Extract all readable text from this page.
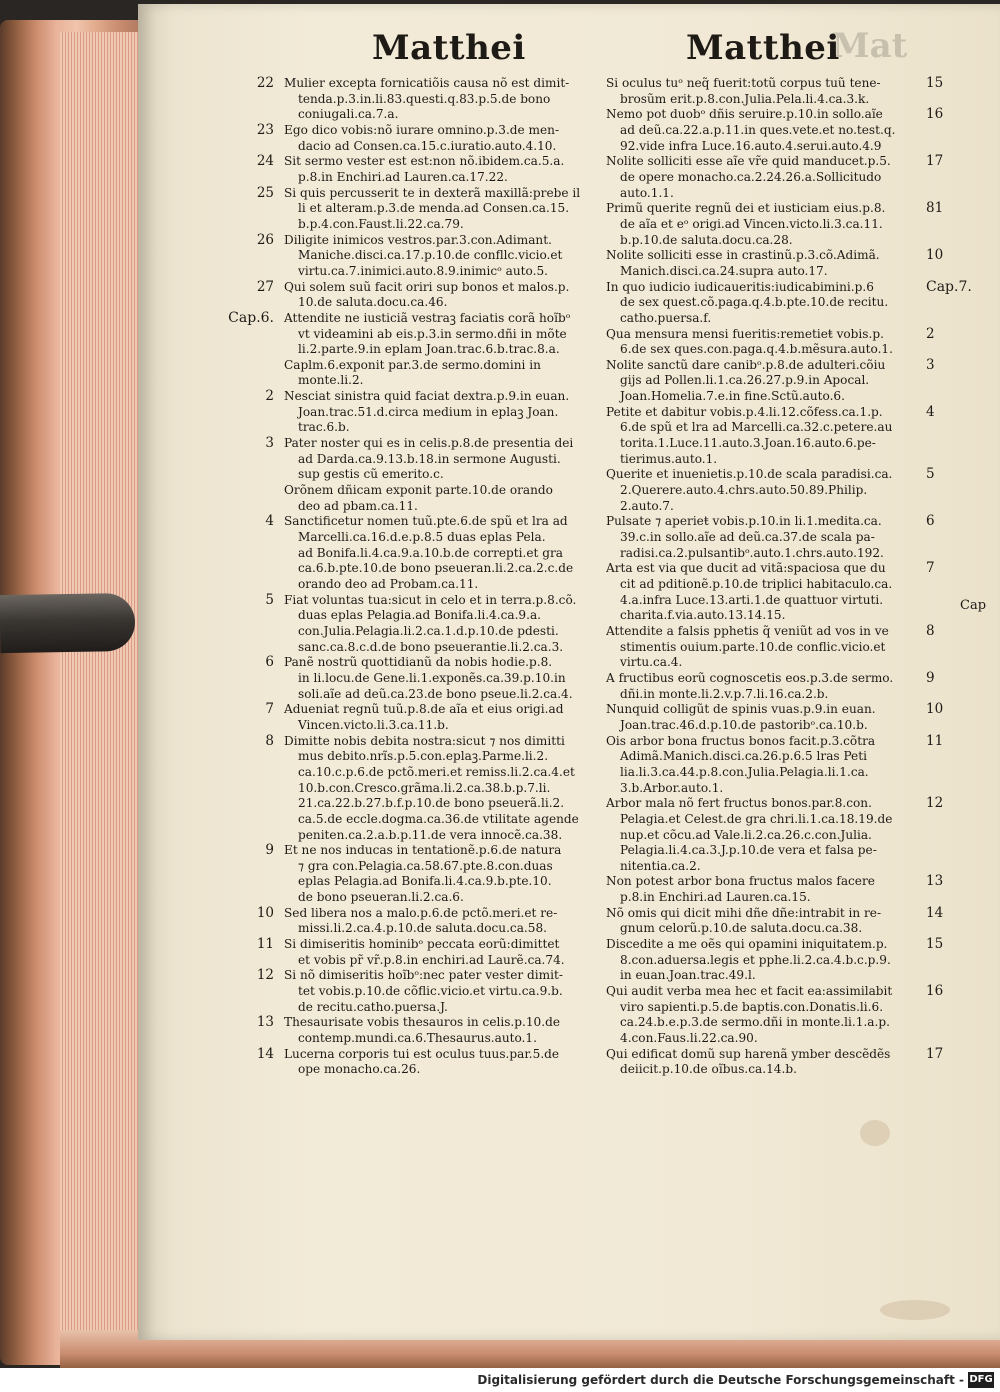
Matthei	Matthei
Mat
22 Mulier excepta fornicatiõis causa nõ est dimit-
tenda.p.3.in.li.83.questi.q.83.p.5.de bono
coniugali.ca.7.a.
23 Ego dico vobis:nõ iurare omnino.p.3.de men-
dacio ad Consen.ca.15.c.iuratio.auto.4.10.
24 Sit sermo vester est est:non nõ.ibidem.ca.5.a.
p.8.in Enchiri.ad Lauren.ca.17.22.
25 Si quis percusserit te in dexterã maxillã:prebe il
li et alteram.p.3.de menda.ad Consen.ca.15.
b.p.4.con.Faust.li.22.ca.79.
26 Diligite inimicos vestros.par.3.con.Adimant.
Maniche.disci.ca.17.p.10.de confllc.vicio.et
virtu.ca.7.inimici.auto.8.9.inimicᵒ auto.5.
27 Qui solem suũ facit oriri sup bonos et malos.p.
10.de saluta.docu.ca.46.
Cap.6. Attendite ne iusticiã vestraꝫ faciatis corã hoĩbᵒ
vt videamini ab eis.p.3.in sermo.dñi in mõte
li.2.parte.9.in eplam Joan.trac.6.b.trac.8.a.
Caplm.6.exponit par.3.de sermo.domini in
monte.li.2.
2 Nesciat sinistra quid faciat dextra.p.9.in euan.
Joan.trac.51.d.circa medium in eplaꝫ Joan.
trac.6.b.
3 Pater noster qui es in celis.p.8.de presentia dei
ad Darda.ca.9.13.b.18.in sermone Augusti.
sup gestis cũ emerito.c.
Orõnem dñicam exponit parte.10.de orando
deo ad pbam.ca.11.
4 Sanctificetur nomen tuũ.pte.6.de spũ et lra ad
Marcelli.ca.16.d.e.p.8.5 duas eplas Pela.
ad Bonifa.li.4.ca.9.a.10.b.de correpti.et gra
ca.6.b.pte.10.de bono pseueran.li.2.ca.2.c.de
orando deo ad Probam.ca.11.
5 Fiat voluntas tua:sicut in celo et in terra.p.8.cõ.
duas eplas Pelagia.ad Bonifa.li.4.ca.9.a.
con.Julia.Pelagia.li.2.ca.1.d.p.10.de pdesti.
sanc.ca.8.c.d.de bono pseuerantie.li.2.ca.3.
6 Panẽ nostrũ quottidianũ da nobis hodie.p.8.
in li.locu.de Gene.li.1.exponẽs.ca.39.p.10.in
soli.aĩe ad deũ.ca.23.de bono pseue.li.2.ca.4.
7 Adueniat regnũ tuũ.p.8.de aĩa et eius origi.ad
Vincen.victo.li.3.ca.11.b.
8 Dimitte nobis debita nostra:sicut ⁊ nos dimitti
mus debito.nrĩs.p.5.con.eplaꝫ.Parme.li.2.
ca.10.c.p.6.de pctõ.meri.et remiss.li.2.ca.4.et
10.b.con.Cresco.grãma.li.2.ca.38.b.p.7.li.
21.ca.22.b.27.b.f.p.10.de bono pseuerã.li.2.
ca.5.de eccle.dogma.ca.36.de vtilitate agende
peniten.ca.2.a.b.p.11.de vera innocẽ.ca.38.
9 Et ne nos inducas in tentationẽ.p.6.de natura
⁊ gra con.Pelagia.ca.58.67.pte.8.con.duas
eplas Pelagia.ad Bonifa.li.4.ca.9.b.pte.10.
de bono pseueran.li.2.ca.6.
10 Sed libera nos a malo.p.6.de pctõ.meri.et re-
missi.li.2.ca.4.p.10.de saluta.docu.ca.58.
11 Si dimiseritis hominibᵒ peccata eorũ:dimittet
et vobis pr̃ vr̃.p.8.in enchiri.ad Laurẽ.ca.74.
12 Si nõ dimiseritis hoĩbᵒ:nec pater vester dimit-
tet vobis.p.10.de cõflic.vicio.et virtu.ca.9.b.
de recitu.catho.puersa.J.
13 Thesaurisate vobis thesauros in celis.p.10.de
contemp.mundi.ca.6.Thesaurus.auto.1.
14 Lucerna corporis tui est oculus tuus.par.5.de
ope monacho.ca.26.
15
Si oculus tuᵒ neq̃ fuerit:totũ corpus tuũ tene-
brosũm erit.p.8.con.Julia.Pela.li.4.ca.3.k.
16
Nemo pot duobᵒ dñis seruire.p.10.in sollo.aĩe
ad deũ.ca.22.a.p.11.in ques.vete.et no.test.q.
92.vide infra Luce.16.auto.4.serui.auto.4.9
17
Nolite solliciti esse aĩe vr̃e quid manducet.p.5.
de opere monacho.ca.2.24.26.a.Sollicitudo
auto.1.1.
81
Primũ querite regnũ dei et iusticiam eius.p.8.
de aĩa et eᵒ origi.ad Vincen.victo.li.3.ca.11.
b.p.10.de saluta.docu.ca.28.
10
Nolite solliciti esse in crastinũ.p.3.cõ.Adimã.
Manich.disci.ca.24.supra auto.17.
Cap.7.
In quo iudicio iudicaueritis:iudicabimini.p.6
de sex quest.cõ.paga.q.4.b.pte.10.de recitu.
catho.puersa.f.
2
Qua mensura mensi fueritis:remetieŧ vobis.p.
6.de sex ques.con.paga.q.4.b.mẽsura.auto.1.
3
Nolite sanctũ dare canibᵒ.p.8.de adulteri.cõiu
gijs ad Pollen.li.1.ca.26.27.p.9.in Apocal.
Joan.Homelia.7.e.in fine.Sctũ.auto.6.
4
Petite et dabitur vobis.p.4.li.12.cõfess.ca.1.p.
6.de spũ et lra ad Marcelli.ca.32.c.petere.au
torita.1.Luce.11.auto.3.Joan.16.auto.6.pe-
tierimus.auto.1.
5
Querite et inuenietis.p.10.de scala paradisi.ca.
2.Querere.auto.4.chrs.auto.50.89.Philip.
2.auto.7.
6
Pulsate ⁊ aperieŧ vobis.p.10.in li.1.medita.ca.
39.c.in sollo.aĩe ad deũ.ca.37.de scala pa-
radisi.ca.2.pulsantibᵒ.auto.1.chrs.auto.192.
7
Arta est via que ducit ad vitã:spaciosa que du
cit ad pditionẽ.p.10.de triplici habitaculo.ca.
4.a.infra Luce.13.arti.1.de quattuor virtuti.
charita.f.via.auto.13.14.15.
8
Attendite a falsis pphetis q̃ veniũt ad vos in ve
stimentis ouium.parte.10.de conflic.vicio.et
virtu.ca.4.
9
A fructibus eorũ cognoscetis eos.p.3.de sermo.
dñi.in monte.li.2.v.p.7.li.16.ca.2.b.
10
Nunquid colligũt de spinis vuas.p.9.in euan.
Joan.trac.46.d.p.10.de pastoribᵒ.ca.10.b.
11
Ois arbor bona fructus bonos facit.p.3.cõtra
Adimã.Manich.disci.ca.26.p.6.5 lras Peti
lia.li.3.ca.44.p.8.con.Julia.Pelagia.li.1.ca.
3.b.Arbor.auto.1.
12
Arbor mala nõ fert fructus bonos.par.8.con.
Pelagia.et Celest.de gra chri.li.1.ca.18.19.de
nup.et cõcu.ad Vale.li.2.ca.26.c.con.Julia.
Pelagia.li.4.ca.3.J.p.10.de vera et falsa pe-
nitentia.ca.2.
13
Non potest arbor bona fructus malos facere
p.8.in Enchiri.ad Lauren.ca.15.
14
Nõ omis qui dicit mihi dñe dñe:intrabit in re-
gnum celorũ.p.10.de saluta.docu.ca.38.
15
Discedite a me oẽs qui opamini iniquitatem.p.
8.con.aduersa.legis et pphe.li.2.ca.4.b.c.p.9.
in euan.Joan.trac.49.l.
16
Qui audit verba mea hec et facit ea:assimilabit
viro sapienti.p.5.de baptis.con.Donatis.li.6.
ca.24.b.e.p.3.de sermo.dñi in monte.li.1.a.p.
4.con.Faus.li.22.ca.90.
17
Qui edificat domũ sup harenã ymber descẽdẽs
deiicit.p.10.de oĩbus.ca.14.b.
Cap
Digitalisierung gefördert durch die Deutsche Forschungsgemeinschaft - DFG
